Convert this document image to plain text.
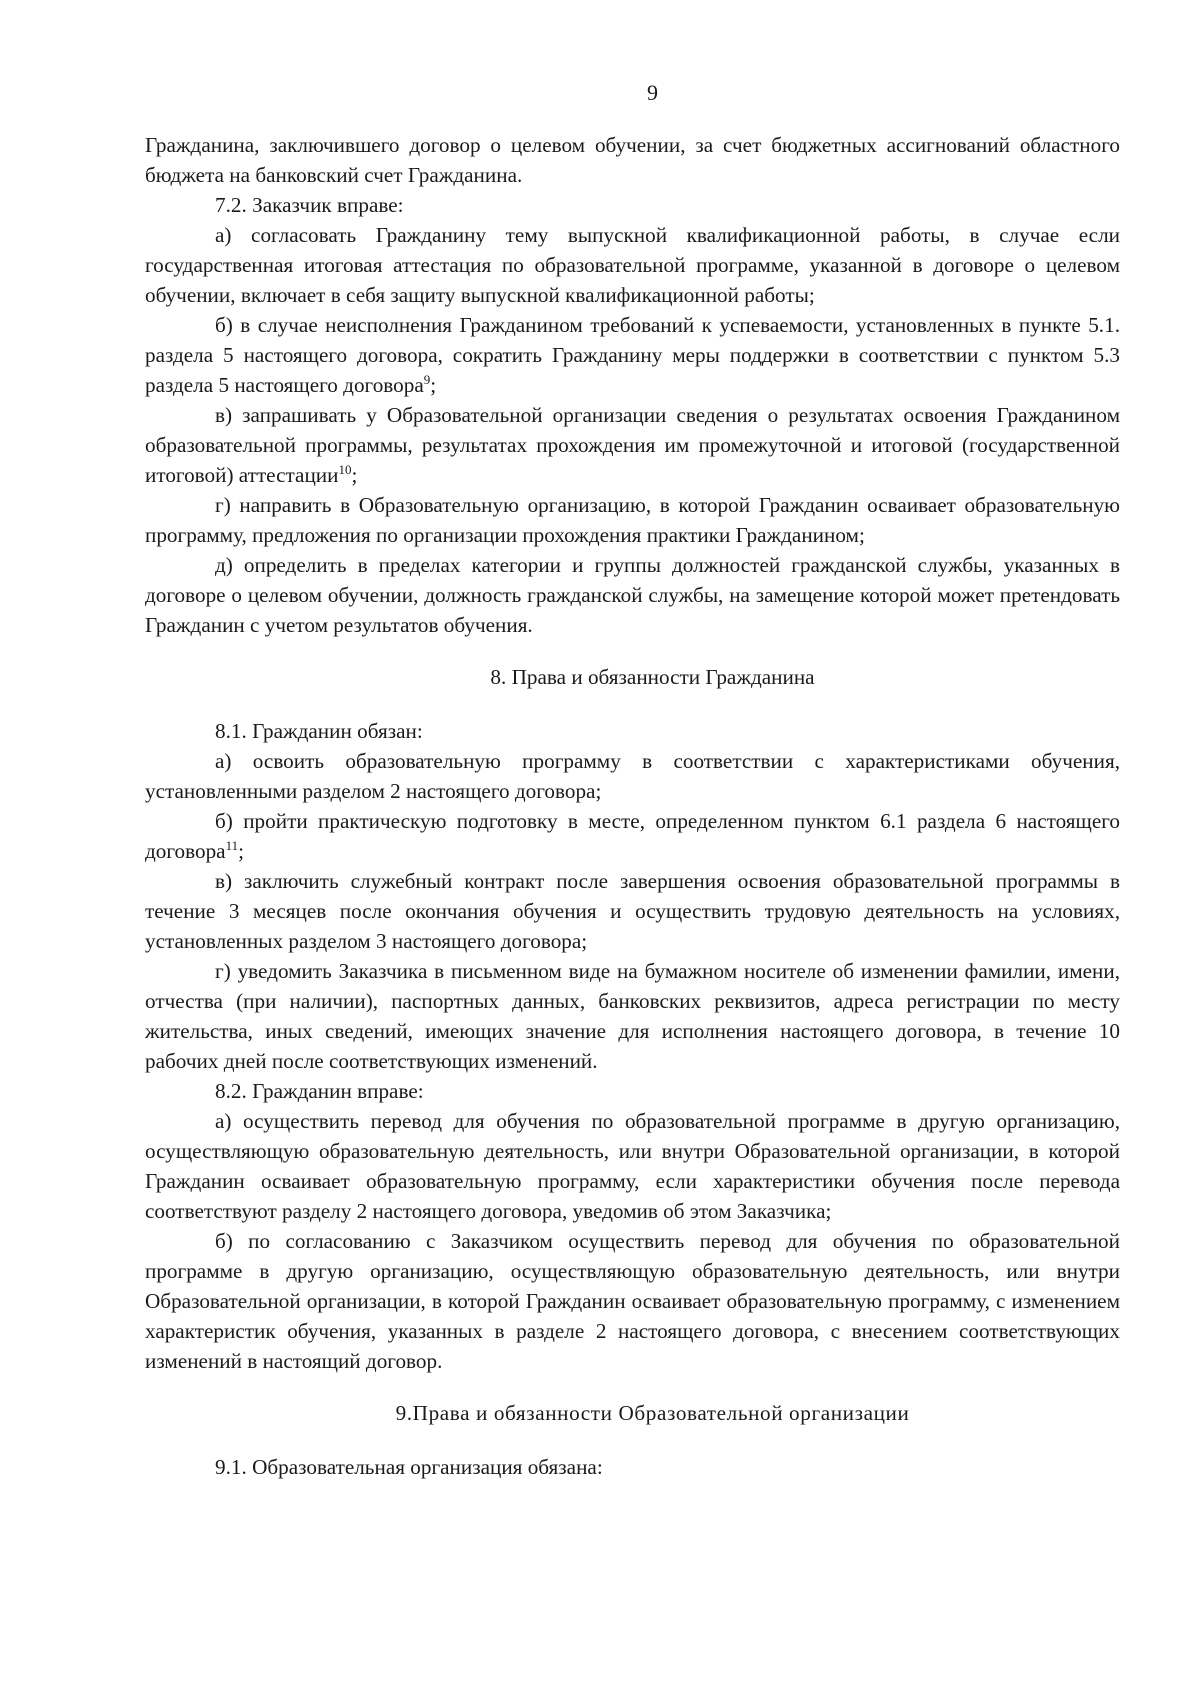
9

Гражданина, заключившего договор о целевом обучении, за счет бюджетных ассигнований областного бюджета на банковский счет Гражданина.

7.2. Заказчик вправе:

а) согласовать Гражданину тему выпускной квалификационной работы, в случае если государственная итоговая аттестация по образовательной программе, указанной в договоре о целевом обучении, включает в себя защиту выпускной квалификационной работы;

б) в случае неисполнения Гражданином требований к успеваемости, установленных в пункте 5.1. раздела 5 настоящего договора, сократить Гражданину меры поддержки в соответствии с пунктом 5.3 раздела 5 настоящего договора$^9$;

в) запрашивать у Образовательной организации сведения о результатах освоения Гражданином образовательной программы, результатах прохождения им промежуточной и итоговой (государственной итоговой) аттестации$^{10}$;

г) направить в Образовательную организацию, в которой Гражданин осваивает образовательную программу, предложения по организации прохождения практики Гражданином;

д) определить в пределах категории и группы должностей гражданской службы, указанных в договоре о целевом обучении, должность гражданской службы, на замещение которой может претендовать Гражданин с учетом результатов обучения.

8. Права и обязанности Гражданина

8.1. Гражданин обязан:

а) освоить образовательную программу в соответствии с характеристиками обучения, установленными разделом 2 настоящего договора;

б) пройти практическую подготовку в месте, определенном пунктом 6.1 раздела 6 настоящего договора$^{11}$;

в) заключить служебный контракт после завершения освоения образовательной программы в течение 3 месяцев после окончания обучения и осуществить трудовую деятельность на условиях, установленных разделом 3 настоящего договора;

г) уведомить Заказчика в письменном виде на бумажном носителе об изменении фамилии, имени, отчества (при наличии), паспортных данных, банковских реквизитов, адреса регистрации по месту жительства, иных сведений, имеющих значение для исполнения настоящего договора, в течение 10 рабочих дней после соответствующих изменений.

8.2. Гражданин вправе:

а) осуществить перевод для обучения по образовательной программе в другую организацию, осуществляющую образовательную деятельность, или внутри Образовательной организации, в которой Гражданин осваивает образовательную программу, если характеристики обучения после перевода соответствуют разделу 2 настоящего договора, уведомив об этом Заказчика;

б) по согласованию с Заказчиком осуществить перевод для обучения по образовательной программе в другую организацию, осуществляющую образовательную деятельность, или внутри Образовательной организации, в которой Гражданин осваивает образовательную программу, с изменением характеристик обучения, указанных в разделе 2 настоящего договора, с внесением соответствующих изменений в настоящий договор.

9.Права и обязанности Образовательной организации

9.1. Образовательная организация обязана:
